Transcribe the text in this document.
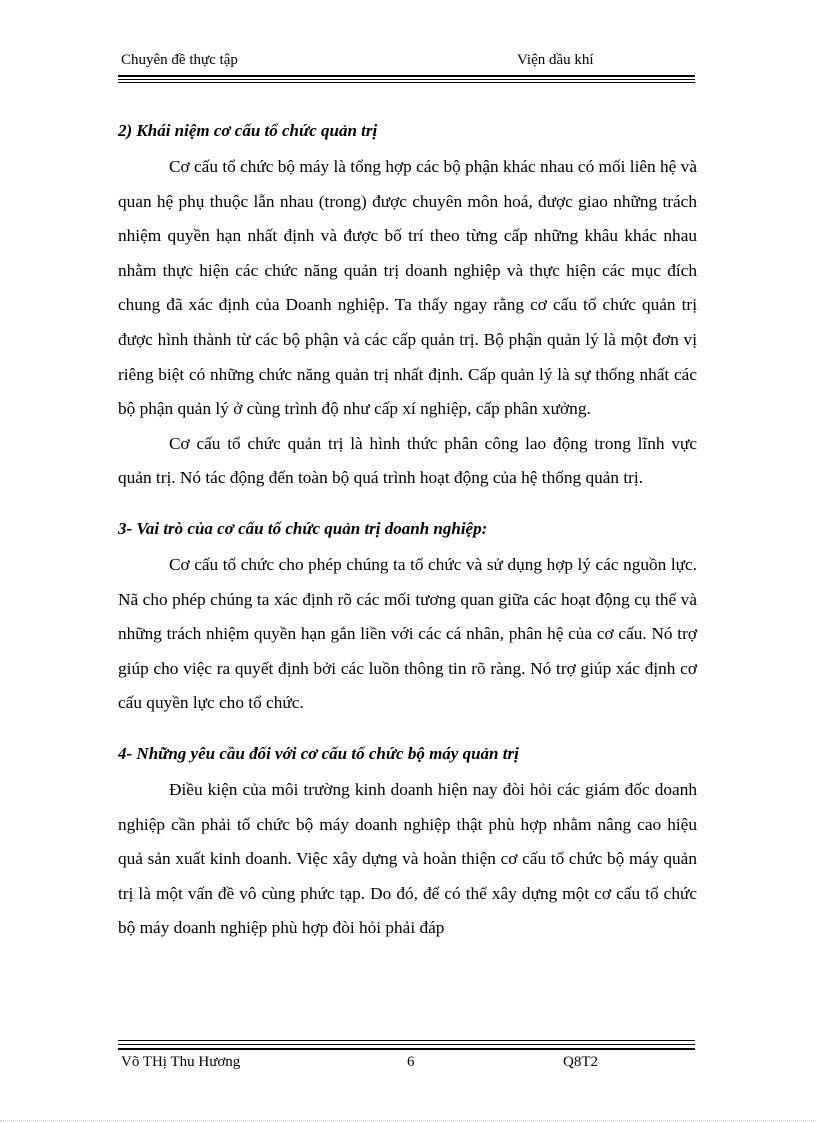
Chuyên đề thực tập	Viện dầu khí
2) Khái niệm cơ cấu tổ chức quản trị

Cơ cấu tổ chức bộ máy là tổng hợp các bộ phận khác nhau có mối liên hệ và quan hệ phụ thuộc lẫn nhau (trong) được chuyên môn hoá, được giao những trách nhiệm quyền hạn nhất định và được bố trí theo từng cấp những khâu khác nhau nhằm thực hiện các chức năng quản trị doanh nghiệp và thực hiện các mục đích chung đã xác định của Doanh nghiệp. Ta thấy ngay rằng cơ cấu tổ chức quản trị được hình thành từ các bộ phận và các cấp quản trị. Bộ phận quản lý là một đơn vị riêng biệt có những chức năng quản trị nhất định. Cấp quản lý là sự thống nhất các bộ phận quản lý ở cùng trình độ như cấp xí nghiệp, cấp phân xưởng.

Cơ cấu tổ chức quản trị là hình thức phân công lao động trong lĩnh vực quản trị. Nó tác động đến toàn bộ quá trình hoạt động của hệ thống quản trị.

3- Vai trò của cơ cấu tổ chức quản trị doanh nghiệp:

Cơ cấu tổ chức cho phép chúng ta tổ chức và sử dụng hợp lý các nguồn lực. Nã cho phép chúng ta xác định rõ các mối tương quan giữa các hoạt động cụ thể và những trách nhiệm quyền hạn gắn liền với các cá nhân, phân hệ của cơ cấu. Nó trợ giúp cho việc ra quyết định bởi các luồn thông tin rõ ràng. Nó trợ giúp xác định cơ cấu quyền lực cho tổ chức.

4- Những yêu cầu đối với cơ cấu tổ chức bộ máy quản trị

Điều kiện của môi trường kinh doanh hiện nay đòi hỏi các giám đốc doanh nghiệp cần phải tổ chức bộ máy doanh nghiệp thật phù hợp nhằm nâng cao hiệu quả sản xuất kinh doanh. Việc xây dựng và hoàn thiện cơ cấu tổ chức bộ máy quản trị là một vấn đề vô cùng phức tạp. Do đó, để có thể xây dựng một cơ cấu tổ chức bộ máy doanh nghiệp phù hợp đòi hỏi phải đáp

Võ THị Thu Hương	6	Q8T2
